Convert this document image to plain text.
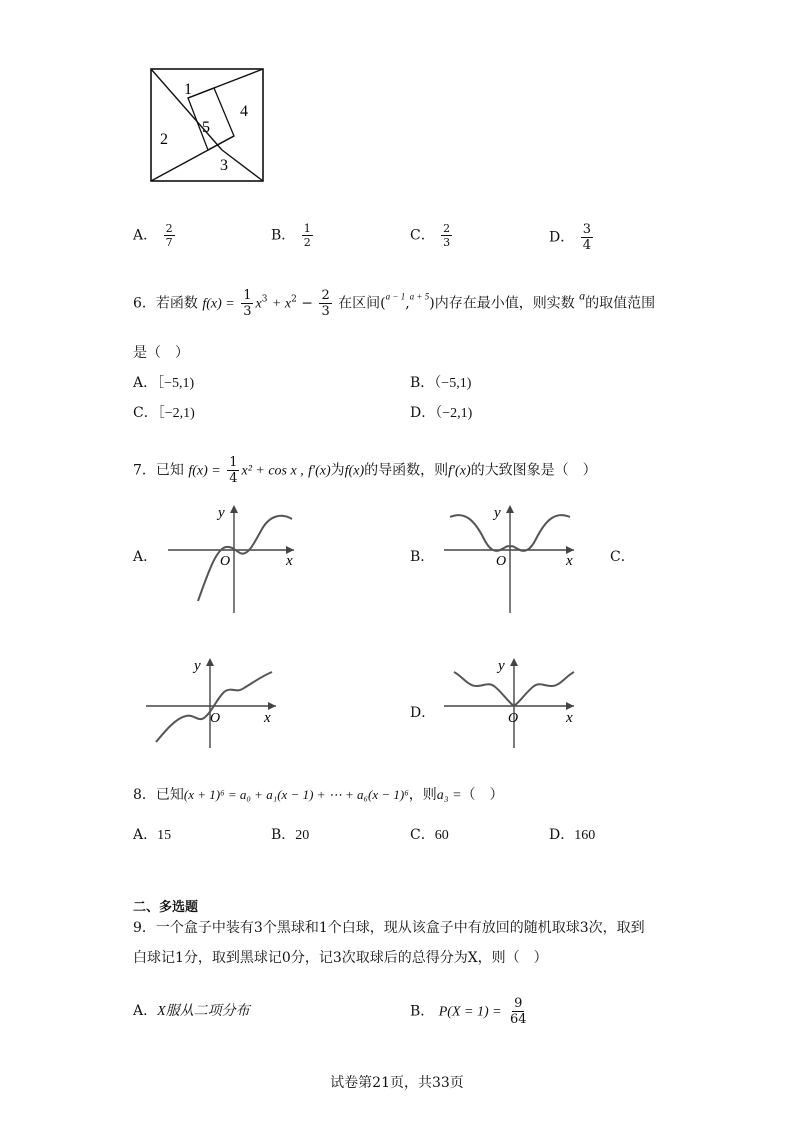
1
2
3
4
5
A． $\frac{2}{7}$	B． $\frac{1}{2}$	C． $\frac{2}{3}$	D． $\frac{3}{4}$
6．若函数 $f(x) = \frac{1}{3} x^3 + x^2 - \frac{2}{3}$ 在区间($^{a - 1}$,$^{a + 5}$)内存在最小值，则实数 $^a$的取值范围
是（　）
A．［−5,1)	B．（−5,1)
C．［−2,1)	D．（−2,1)
7．已知 $f(x) = \frac{1}{4} x^2 + \cos x$ , f′(x)为f(x)的导函数，则f′(x)的大致图象是（　）
A．
y
x
O	B．
y
x
O	C．
y
x
O	D．
y
x
O
8．已知(x + 1)⁶ = a₀ + a₁(x − 1) + ⋯ + a₆(x − 1)⁶，则a₃ =（　）
A．15	B．20	C．60	D．160
二、多选题
9．一个盒子中装有3个黑球和1个白球，现从该盒子中有放回的随机取球3次，取到
白球记1分，取到黑球记0分，记3次取球后的总得分为X，则（　）
A．X服从二项分布	B． $P(X = 1) = \frac{9}{64}$
试卷第21页，共33页
